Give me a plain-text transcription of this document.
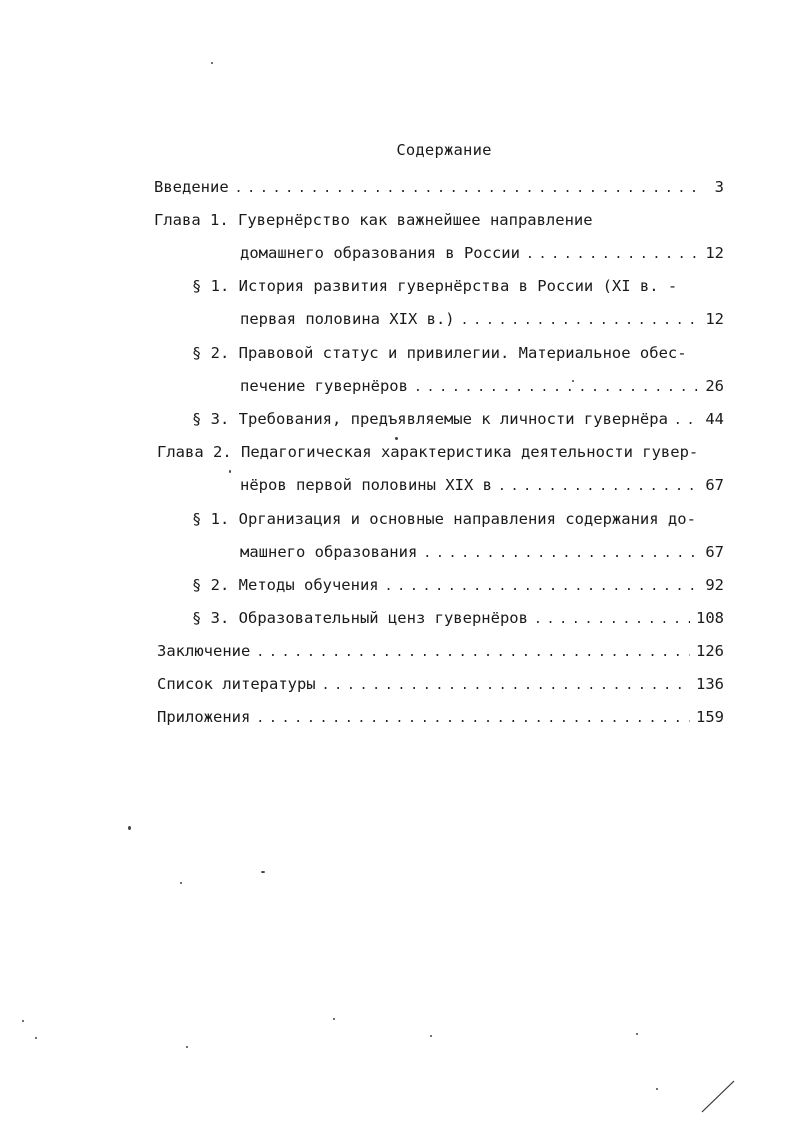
Содержание
Введение . . .	3
Глава 1. Гувернёрство как важнейшее направление
домашнего образования в России . . .	12
§ 1. История развития гувернёрства в России (XI в. -
первая половина XIX в.) . . .	12
§ 2. Правовой статус и привилегии. Материальное обес-
печение гувернёров . . .	26
§ 3. Требования, предъявляемые к личности гувернёра . . . 44
Глава 2. Педагогическая характеристика деятельности гувер-
нёров первой половины XIX в . . .	67
§ 1. Организация и основные направления содержания до-
машнего образования . . .	67
§ 2. Методы обучения . . .	92
§ 3. Образовательный ценз гувернёров . . .	108
Заключение . . .	126
Список литературы . . .	136
Приложения . . .	159
